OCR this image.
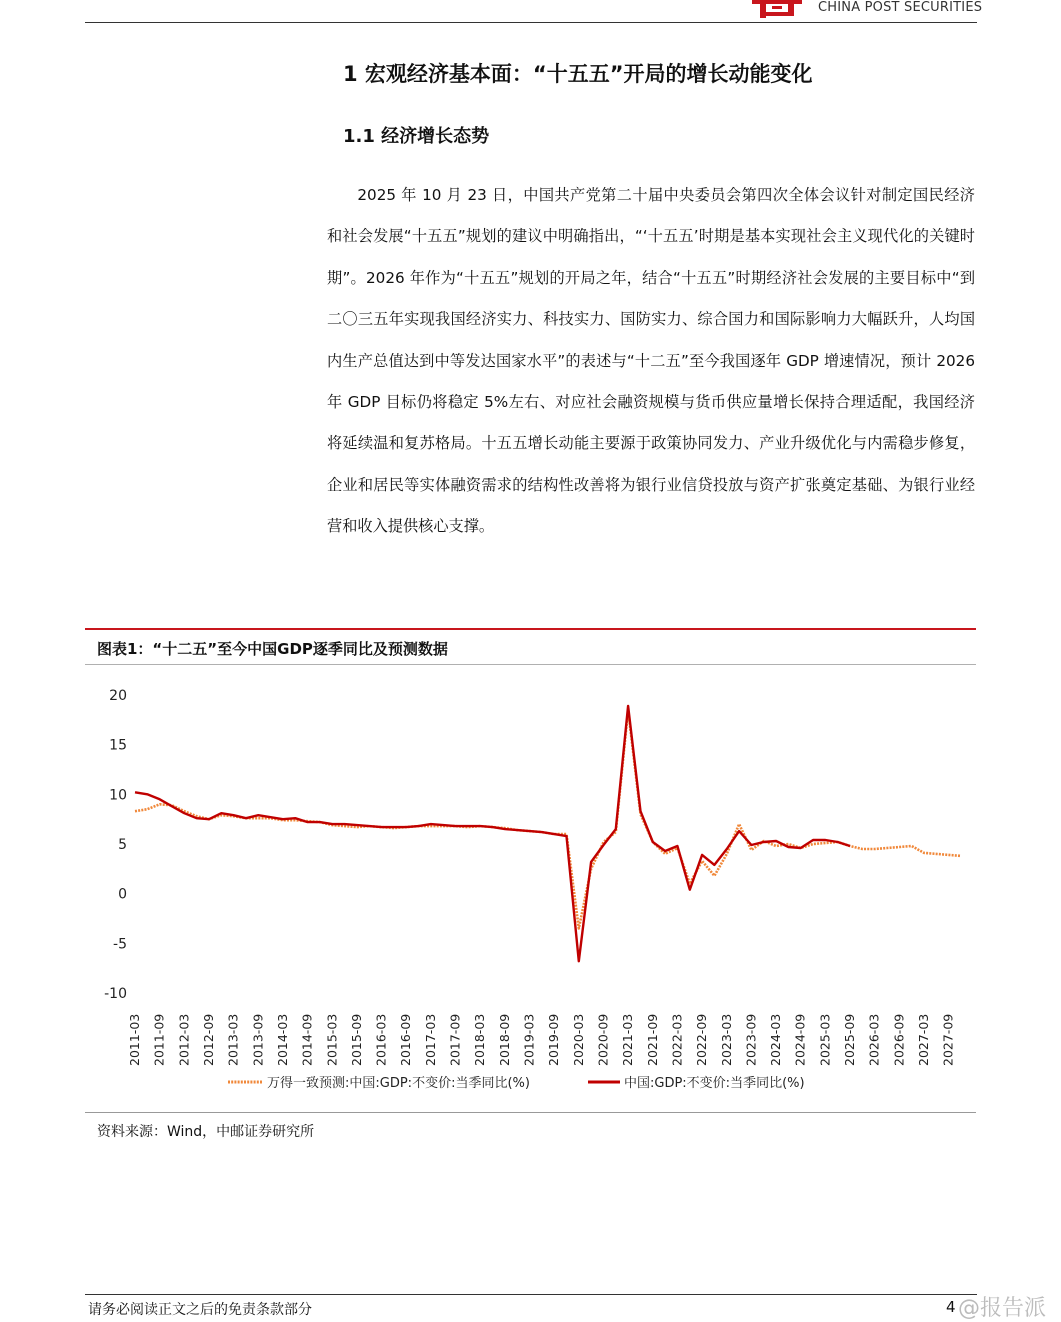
CHINA POST SECURITIES
1 宏观经济基本面：“十五五”开局的增长动能变化
1.1 经济增长态势

2025 年 10 月 23 日，中国共产党第二十届中央委员会第四次全体会议针对制定国民经济和社会发展“十五五”规划的建议中明确指出，“‘十五五’时期是基本实现社会主义现代化的关键时期”。2026 年作为“十五五”规划的开局之年，结合“十五五”时期经济社会发展的主要目标中“到二〇三五年实现我国经济实力、科技实力、国防实力、综合国力和国际影响力大幅跃升，人均国内生产总值达到中等发达国家水平”的表述与“十二五”至今我国逐年 GDP 增速情况，预计 2026 年 GDP 目标仍将稳定 5%左右、对应社会融资规模与货币供应量增长保持合理适配，我国经济将延续温和复苏格局。十五五增长动能主要源于政策协同发力、产业升级优化与内需稳步修复，企业和居民等实体融资需求的结构性改善将为银行业信贷投放与资产扩张奠定基础、为银行业经营和收入提供核心支撑。

图表1：“十二五”至今中国GDP逐季同比及预测数据
20
15
10
5
0
-5
-10
2011-03 2011-09 2012-03 2012-09 2013-03 2013-09 2014-03 2014-09 2015-03 2015-09 2016-03 2016-09 2017-03 2017-09 2018-03 2018-09 2019-03 2019-09 2020-03 2020-09 2021-03 2021-09 2022-03 2022-09 2023-03 2023-09 2024-03 2024-09 2025-03 2025-09 2026-03 2026-09 2027-03 2027-09
万得一致预测:中国:GDP:不变价:当季同比(%)	中国:GDP:不变价:当季同比(%)
资料来源：Wind，中邮证券研究所
请务必阅读正文之后的免责条款部分	4 @报告派
